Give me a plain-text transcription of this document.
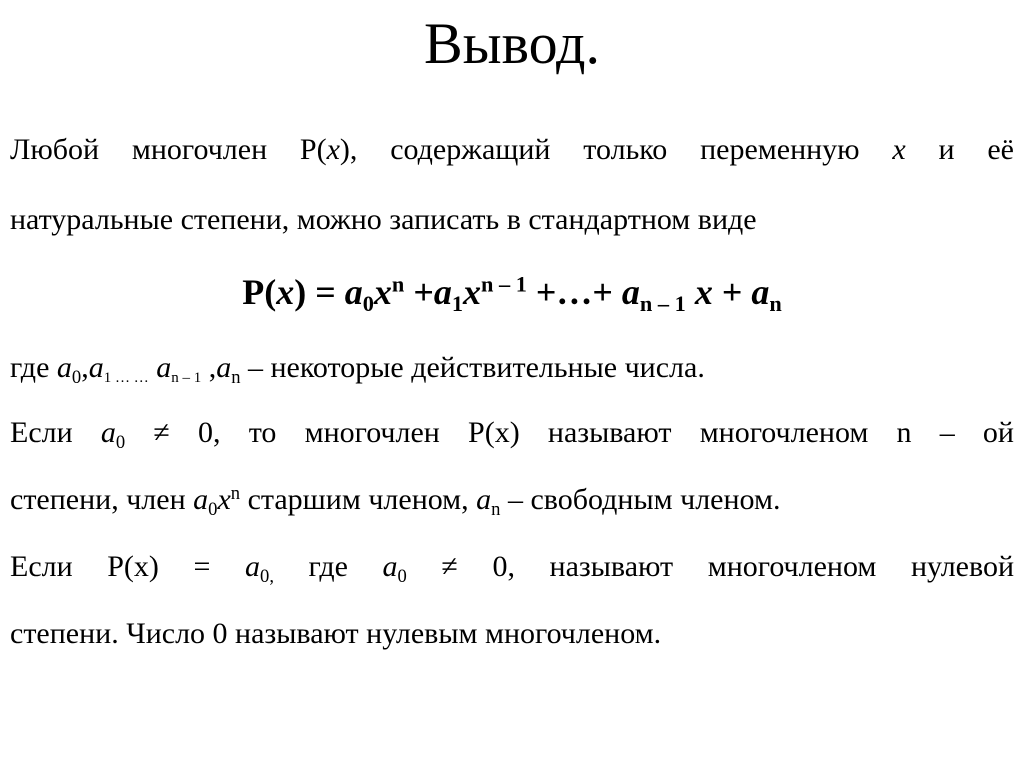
Вывод.
Любой многочлен P(x), содержащий только переменную x и её
натуральные степени, можно записать в стандартном виде
$P(x) = a_0x^n +a_1x^{n - 1}$ +…+ $a_{n - 1}$ $x + a_n$
где $a_0,a_{1 \dots \dots}$ $a_{n - 1}$ $,a_n$ – некоторые действительные числа.
Если $a_0 \ne 0$, то многочлен P(x) называют многочленом n – ой
степени, член $a_0x^n$ старшим членом, $a_n$ – свободным членом.
Если $P(x) = a_{0,}$ где $a_0 \ne 0$, называют многочленом нулевой
степени. Число 0 называют нулевым многочленом.
